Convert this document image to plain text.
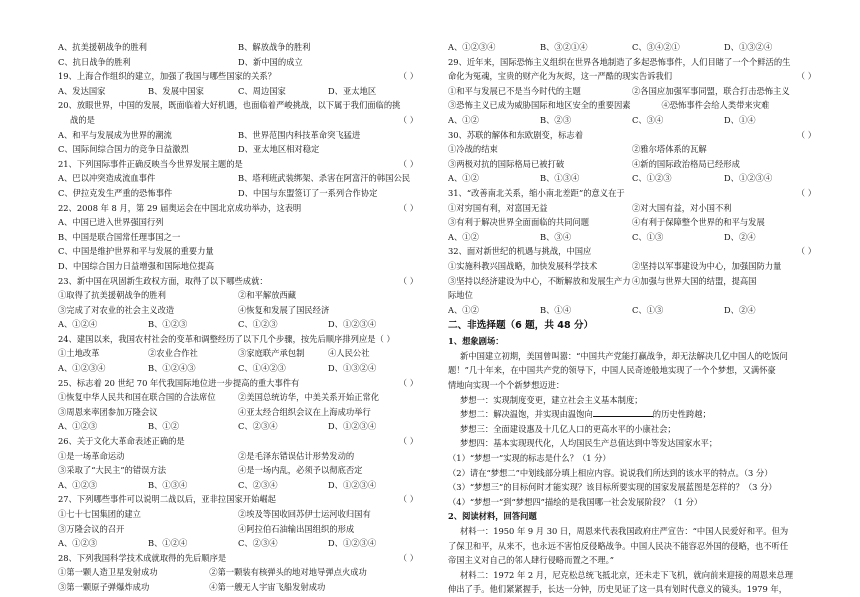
A、抗美援朝战争的胜利	B、解放战争的胜利
C、抗日战争的胜利	D、新中国的成立
19、上海合作组织的建立，加强了我国与哪些国家的关系？	（ ）
A、发达国家	B、发展中国家	C、周边国家	D、亚太地区
20、放眼世界，中国的发展，既面临着大好机遇，也面临着严峻挑战，以下属于我们面临的挑
战的是	（ ）
A、和平与发展成为世界的潮流	B、世界范围内科技革命突飞猛进
C、国际间综合国力的竞争日益激烈	D、亚太地区相对稳定
21、下列国际事件正确反映当今世界发展主题的是	（ ）
A、巴以冲突造成流血事件	B、塔利班武装绑架、杀害在阿富汗的韩国公民
C、伊拉克发生严重的恐怖事件	D、中国与东盟签订了一系列合作协定
22、2008 年 8 月，第 29 届奥运会在中国北京成功举办，这表明	（ ）
A、中国已进入世界强国行列
B、中国是联合国常任理事国之一
C、中国是维护世界和平与发展的重要力量
D、中国综合国力日益增强和国际地位提高
23、新中国在巩固新生政权方面，取得了以下哪些成就：	（ ）
①取得了抗美援朝战争的胜利	②和平解放西藏
③完成了对农业的社会主义改造	④恢复和发展了国民经济
A、①②④	B、①②③	C、①②③	D、①②③④
24、建国以来，我国农村社会的变革和调整经历了以下几个步骤，按先后顺序排列应是（ ）
①土地改革	②农业合作社	③家庭联产承包制	④人民公社
A、①②③④	B、①②④③	C、①④②③	D、①③②④
25、标志着 20 世纪 70 年代我国际地位进一步提高的重大事件有	（ ）
①恢复中华人民共和国在联合国的合法席位	②美国总统访华，中美关系开始正常化
③周恩来率团参加万隆会议	④亚太经合组织会议在上海成功举行
A、①②③	B、①②	C、②③④	D、①②③④
26、关于文化大革命表述正确的是	（ ）
①是一场革命运动	②是毛泽东错误估计形势发动的
③采取了“大民主”的错误方法	④是一场内乱，必须予以彻底否定
A、①②③	B、①③④	C、②③④	D、①②③④
27、下列哪些事件可以说明二战以后，亚非拉国家开始崛起	（ ）
①七十七国集团的建立	②埃及等国收回苏伊士运河收归国有
③万隆会议的召开	④阿拉伯石油输出国组织的形成
A、①②③	B、①②④	C、②③④	D、①②③④
28、下列我国科学技术成就取得的先后顺序是	（ ）
①第一颗人造卫星发射成功	②第一颗装有核弹头的地对地导弹点火成功
③第一颗原子弹爆炸成功	④第一艘无人宇宙飞船发射成功
A、①②③④	B、③②①④	C、③④②①	D、①③②④
29、近年来，国际恐怖主义组织在世界各地制造了多起恐怖事件，人们目睹了一个个鲜活的生
命化为冤魂，宝贵的财产化为灰烬，这一严酷的现实告诉我们	（ ）
①和平与发展已不是当今时代的主题	②各国应加强军事同盟，联合打击恐怖主义
③恐怖主义已成为威胁国际和地区安全的重要因素	④恐怖事件会给人类带来灾难
A、①②	B、②③	C、③④	D、①④
30、苏联的解体和东欧剧变，标志着	（ ）
①冷战的结束	②雅尔塔体系的瓦解
③两极对抗的国际格局已被打破	④新的国际政治格局已经形成
A、①②	B、①③④	C、①②③	D、①②③④
31、“改善南北关系，缩小南北差距”的意义在于	（ ）
①对穷国有利，对富国无益	②对大国有益，对小国不利
③有利于解决世界全面面临的共同问题	④有利于保障整个世界的和平与发展
A、①②	B、③④	C、①③	D、②④
32、面对新世纪的机遇与挑战，中国应	（ ）
①实施科教兴国战略，加快发展科学技术	②坚持以军事建设为中心，加强国防力量
③坚持以经济建设为中心，不断解放和发展生产力 ④加强与世界大国的结盟，提高国
际地位
A、①②	B、①④	C、①③	D、②④
二、非选择题（6 题，共 48 分）
1、想象剧场：
新中国建立初期，美国曾叫嚣：“中国共产党能打赢战争，却无法解决几亿中国人的吃饭问
题！”几十年来，在中国共产党的领导下，中国人民奇迹般地实现了一个个梦想，又满怀豪
情地向实现一个个新梦想迈进：
梦想一：实现制度变更，建立社会主义基本制度；
梦想二：解决温饱，并实现由温饱向	的历史性跨越；
梦想三：全面建设惠及十几亿人口的更高水平的小康社会；
梦想四：基本实现现代化，人均国民生产总值达到中等发达国家水平；
（1）“梦想一”实现的标志是什么？（1 分）
（2）请在“梦想二”中划线部分填上相应内容。说说我们所达到的该水平的特点。（3 分）
（3）“梦想三”的目标何时才能实现？该目标所要实现的国家发展蓝图是怎样的？（3 分）
（4）“梦想一”到“梦想四”描绘的是我国哪一社会发展阶段？（1 分）
2、阅读材料，回答问题
材料一：1950 年 9 月 30 日，周恩来代表我国政府庄严宣告：“中国人民爱好和平。但为
了保卫和平，从来不，也永远不害怕反侵略战争。中国人民决不能容忍外国的侵略，也不听任
帝国主义对自己的邻人肆行侵略而置之不理。”
材料二：1972 年 2 月，尼克松总统飞抵北京，还未走下飞机，就向前来迎接的周恩来总理
伸出了手。他们紧紧握手，长达一分钟，历史见证了这一具有划时代意义的镜头。1979 年，
